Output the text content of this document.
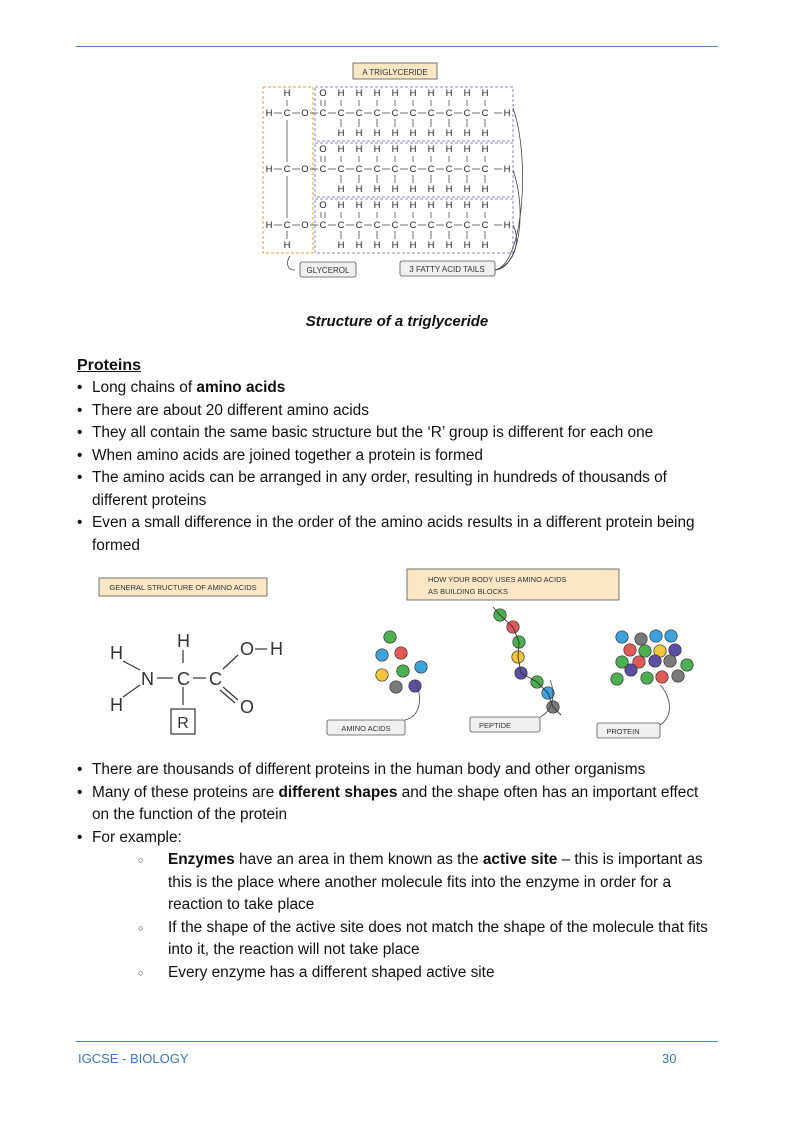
A TRIGLYCERIDE
H C O
H
C
O
C
H
H
C
H
H
C
H
H
C
H
H
C
H
H
C
H
H
C
H
H
C
H
H
C
H
H
H
H C O C
O
C
H
H
C
H
H
C
H
H
C
H
H
C
H
H
C
H
H
C
H
H
C
H
H
C
H
H
H
H C O
H
C
O
C
H
H
C
H
H
C
H
H
C
H
H
C
H
H
C
H
H
C
H
H
C
H
H
C
H
H
H
GLYCEROL	3 FATTY ACID TAILS
Structure of a triglyceride
Proteins
• Long chains of amino acids
• There are about 20 different amino acids
• They all contain the same basic structure but the ‘R’ group is different for each one
• When amino acids are joined together a protein is formed
• The amino acids can be arranged in any order, resulting in hundreds of thousands of different proteins
• Even a small difference in the order of the amino acids results in a different protein being formed
GENERAL STRUCTURE OF AMINO ACIDS
HOW YOUR BODY USES AMINO ACIDS
AS BUILDING BLOCKS
H
H	O H
N C C
H	O
R	AMINO ACIDS	PEPTIDE
PROTEIN
• There are thousands of different proteins in the human body and other organisms
• Many of these proteins are different shapes and the shape often has an important effect on the function of the protein
• For example:
○ Enzymes have an area in them known as the active site – this is important as this is the place where another molecule fits into the enzyme in order for a reaction to take place
○ If the shape of the active site does not match the shape of the molecule that fits into it, the reaction will not take place
○ Every enzyme has a different shaped active site
IGCSE - BIOLOGY	30
